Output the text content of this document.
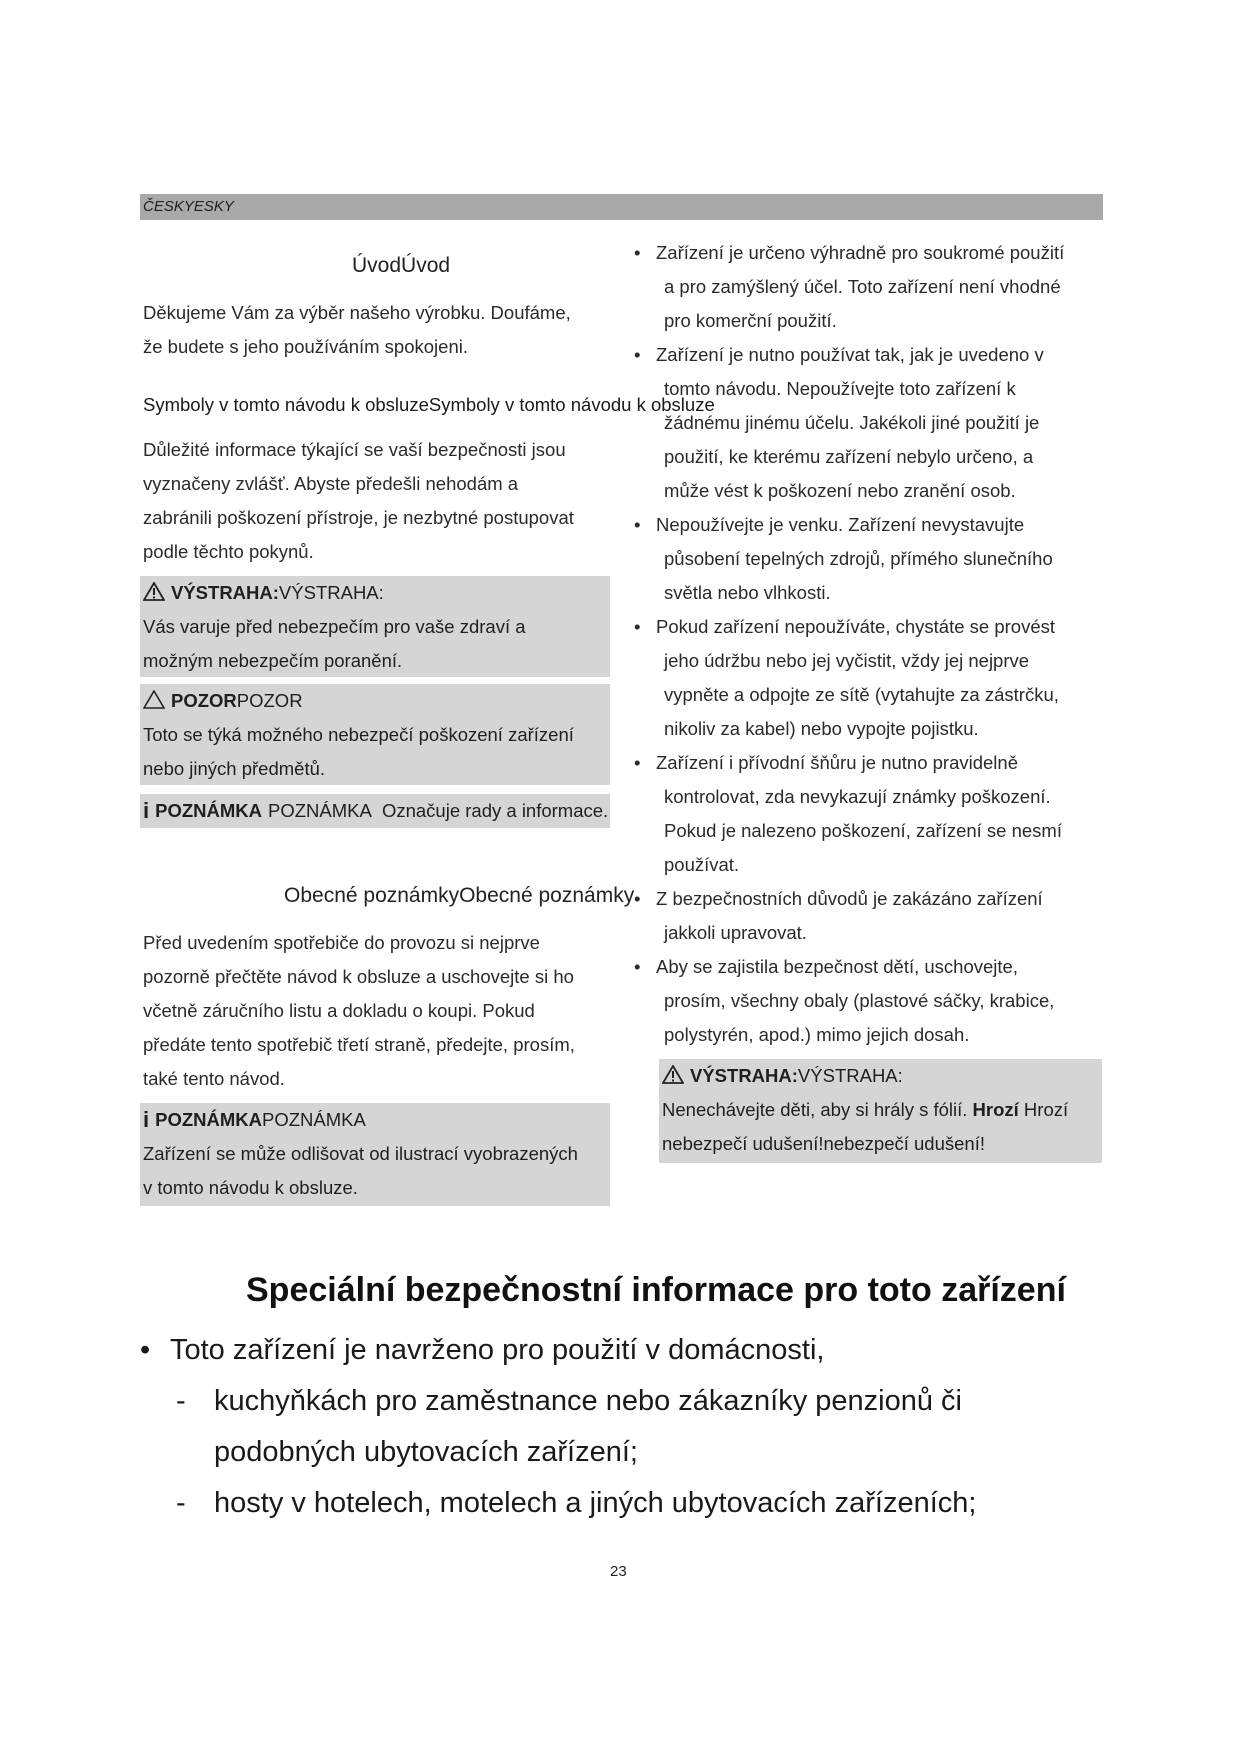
ČESKYESKY
ÚvodÚvod
Děkujeme Vám za výběr našeho výrobku. Doufáme,
že budete s jeho používáním spokojeni.
Symboly v tomto návodu k obsluzeSymboly v tomto návodu k obsluze
Důležité informace týkající se vaší bezpečnosti jsou
vyznačeny zvlášť. Abyste předešli nehodám a
zabránili poškození přístroje, je nezbytné postupovat
podle těchto pokynů.
VÝSTRAHA:VÝSTRAHA:
Vás varuje před nebezpečím pro vaše zdraví a
možným nebezpečím poranění.
POZORPOZOR
Toto se týká možného nebezpečí poškození zařízení
nebo jiných předmětů.
i POZNÁMKA POZNÁMKA Označuje rady a informace.
Obecné poznámkyObecné poznámky
Před uvedením spotřebiče do provozu si nejprve
pozorně přečtěte návod k obsluze a uschovejte si ho
včetně záručního listu a dokladu o koupi. Pokud
předáte tento spotřebič třetí straně, předejte, prosím,
také tento návod.
i POZNÁMKAPOZNÁMKA
Zařízení se může odlišovat od ilustrací vyobrazených
v tomto návodu k obsluze.
• Zařízení je určeno výhradně pro soukromé použití
a pro zamýšlený účel. Toto zařízení není vhodné
pro komerční použití.
• Zařízení je nutno používat tak, jak je uvedeno v
tomto návodu. Nepoužívejte toto zařízení k
žádnému jinému účelu. Jakékoli jiné použití je
použití, ke kterému zařízení nebylo určeno, a
může vést k poškození nebo zranění osob.
• Nepoužívejte je venku. Zařízení nevystavujte
působení tepelných zdrojů, přímého slunečního
světla nebo vlhkosti.
• Pokud zařízení nepoužíváte, chystáte se provést
jeho údržbu nebo jej vyčistit, vždy jej nejprve
vypněte a odpojte ze sítě (vytahujte za zástrčku,
nikoliv za kabel) nebo vypojte pojistku.
• Zařízení i přívodní šňůru je nutno pravidelně
kontrolovat, zda nevykazují známky poškození.
Pokud je nalezeno poškození, zařízení se nesmí
používat.
• Z bezpečnostních důvodů je zakázáno zařízení
jakkoli upravovat.
• Aby se zajistila bezpečnost dětí, uschovejte,
prosím, všechny obaly (plastové sáčky, krabice,
polystyrén, apod.) mimo jejich dosah.
VÝSTRAHA:VÝSTRAHA:
Nenechávejte děti, aby si hrály s fólií. Hrozí Hrozí
nebezpečí udušení!nebezpečí udušení!
Speciální bezpečnostní informace pro toto zařízení
• Toto zařízení je navrženo pro použití v domácnosti,
- kuchyňkách pro zaměstnance nebo zákazníky penzionů či
podobných ubytovacích zařízení;
- hosty v hotelech, motelech a jiných ubytovacích zařízeních;
23
